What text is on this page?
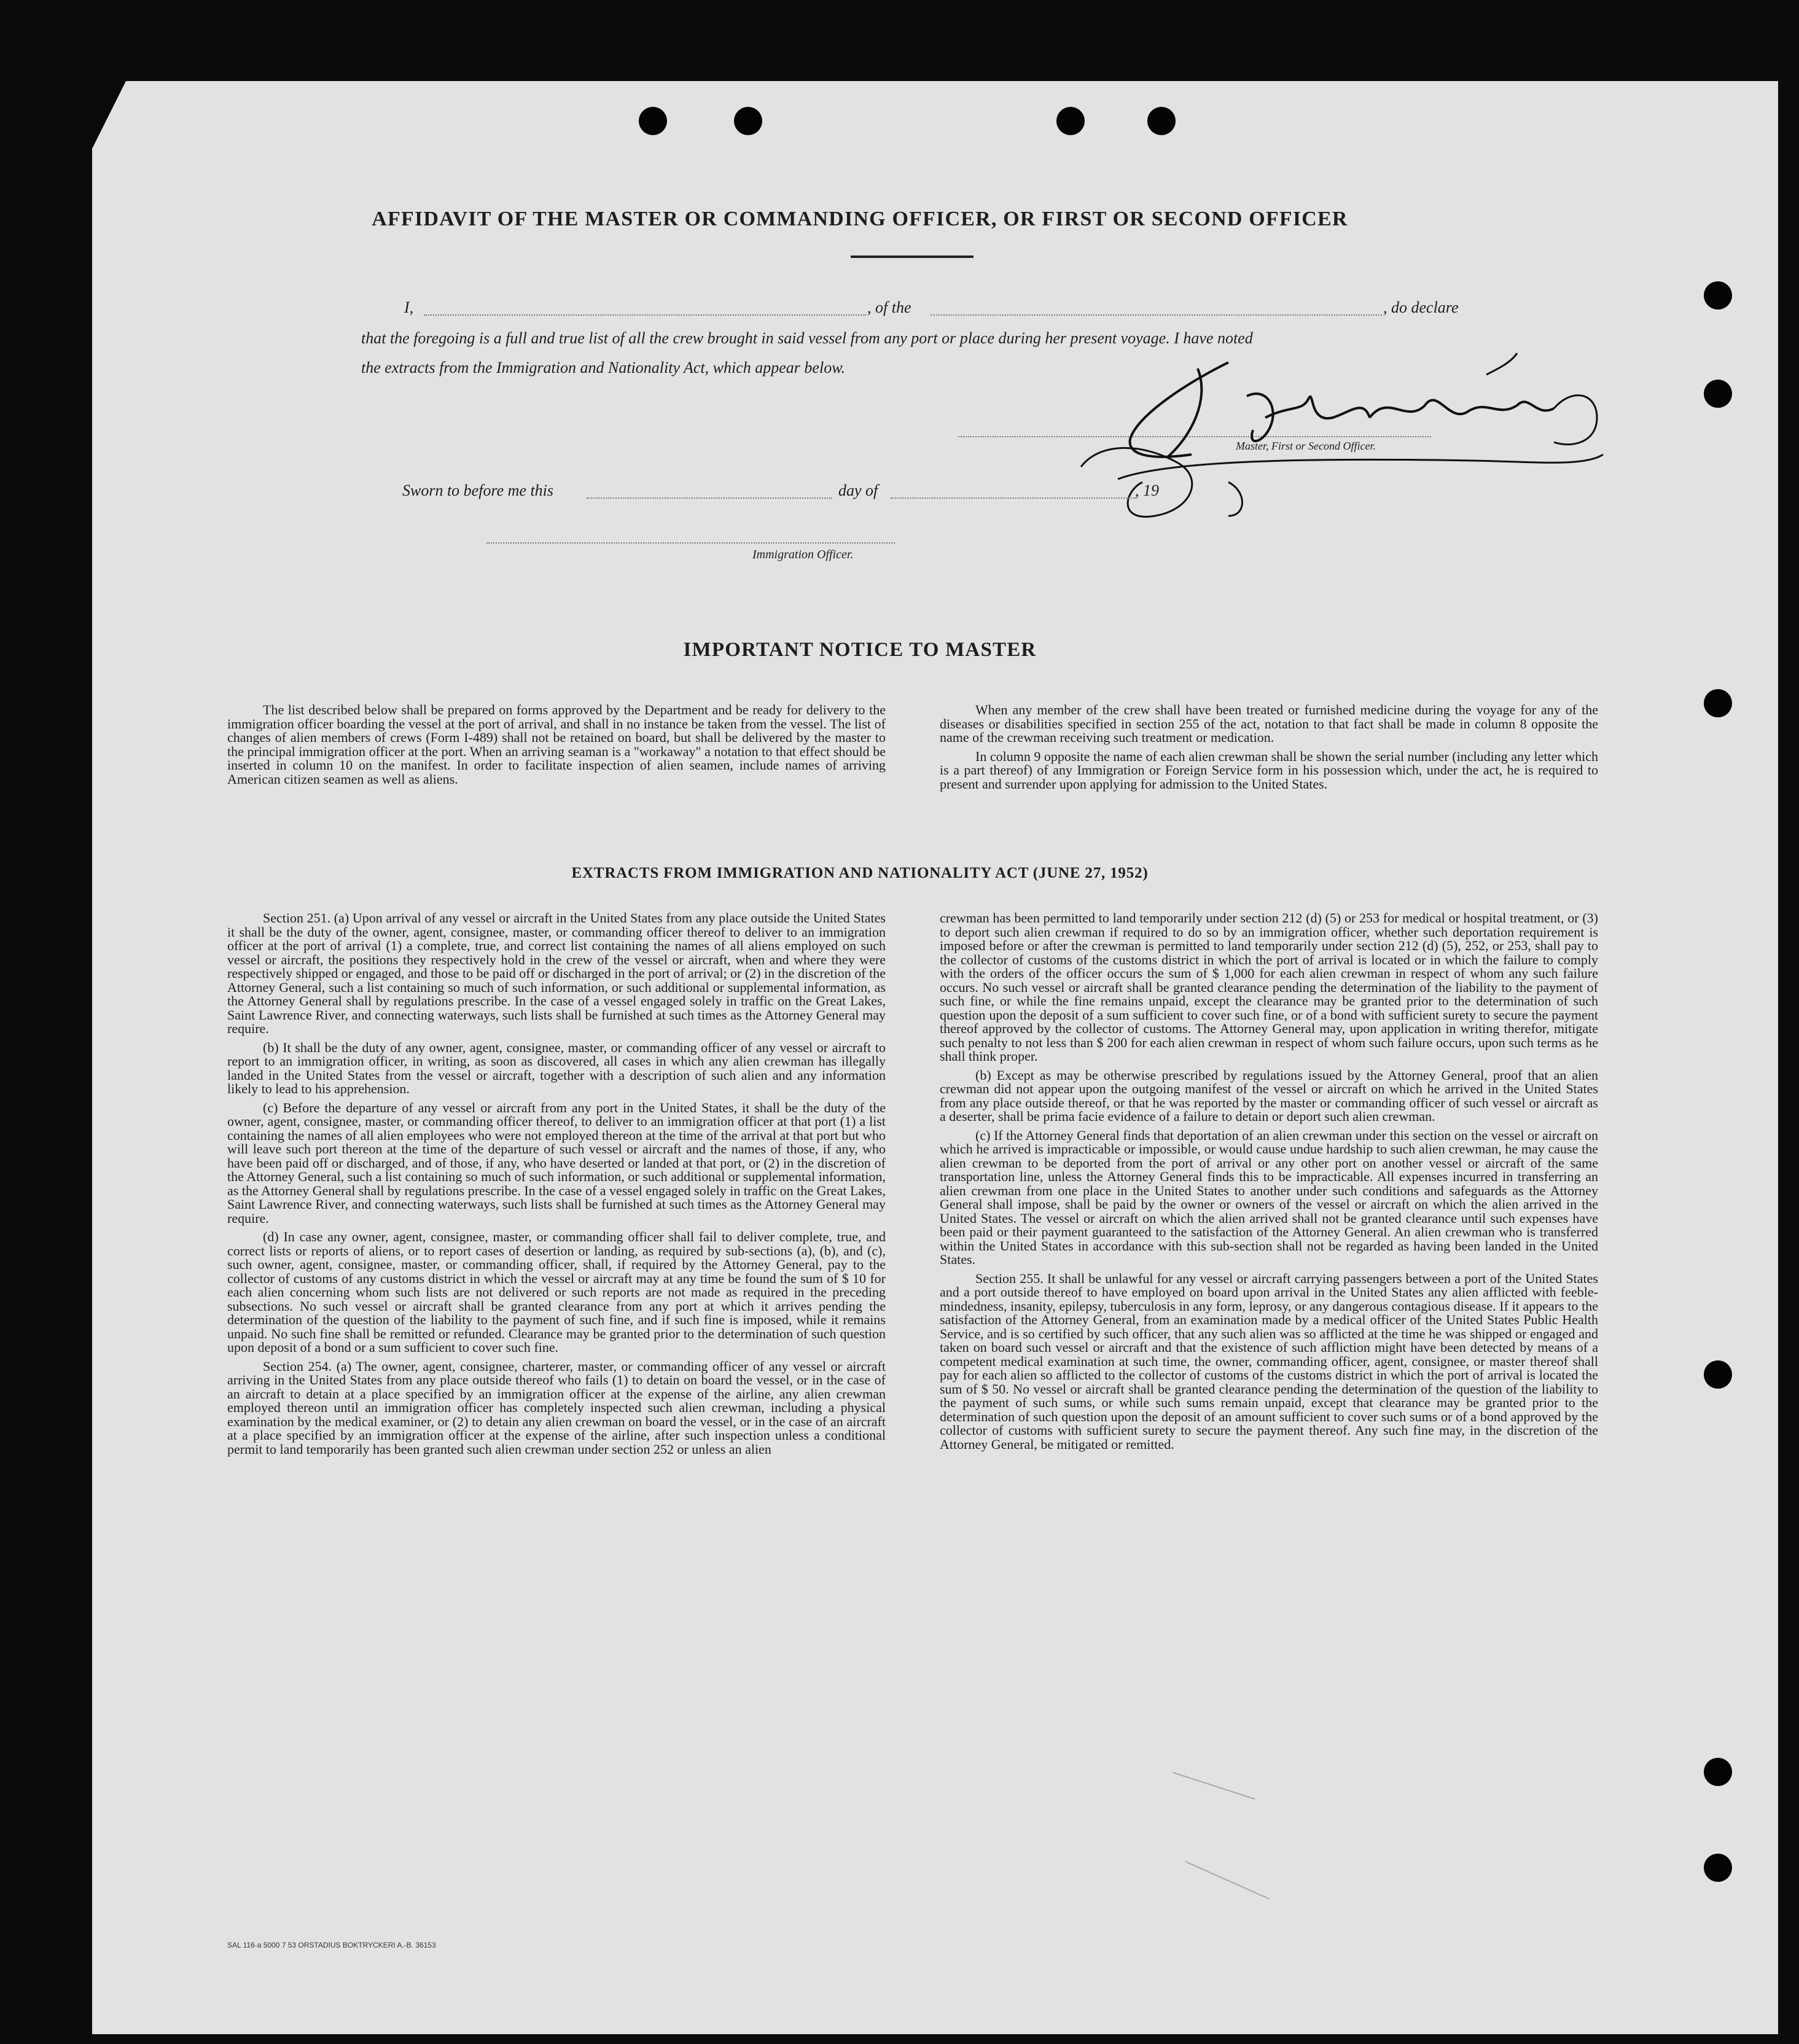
AFFIDAVIT OF THE MASTER OR COMMANDING OFFICER, OR FIRST OR SECOND OFFICER
I,	, of the	, do declare
that the foregoing is a full and true list of all the crew brought in said vessel from any port or place during her present voyage. I have noted
the extracts from the Immigration and Nationality Act, which appear below.
Master, First or Second Officer.
Sworn to before me this	day of	, 19
Immigration Officer.
IMPORTANT NOTICE TO MASTER

The list described below shall be prepared on forms approved by the Department and be ready for delivery to the immigration officer boarding the vessel at the port of arrival, and shall in no instance be taken from the vessel. The list of changes of alien members of crews (Form I-489) shall not be retained on board, but shall be delivered by the master to the principal immigration officer at the port. When an arriving seaman is a "workaway" a notation to that effect should be inserted in column 10 on the manifest. In order to facilitate inspection of alien seamen, include names of arriving American citizen seamen as well as aliens.

When any member of the crew shall have been treated or furnished medicine during the voyage for any of the diseases or disabilities specified in section 255 of the act, notation to that fact shall be made in column 8 opposite the name of the crewman receiving such treatment or medication.

In column 9 opposite the name of each alien crewman shall be shown the serial number (including any letter which is a part thereof) of any Immigration or Foreign Service form in his possession which, under the act, he is required to present and surrender upon applying for admission to the United States.

EXTRACTS FROM IMMIGRATION AND NATIONALITY ACT (JUNE 27, 1952)

Section 251. (a) Upon arrival of any vessel or aircraft in the United States from any place outside the United States it shall be the duty of the owner, agent, consignee, master, or commanding officer thereof to deliver to an immigration officer at the port of arrival (1) a complete, true, and correct list containing the names of all aliens employed on such vessel or aircraft, the positions they respectively hold in the crew of the vessel or aircraft, when and where they were respectively shipped or engaged, and those to be paid off or discharged in the port of arrival; or (2) in the discretion of the Attorney General, such a list containing so much of such information, or such additional or supplemental information, as the Attorney General shall by regulations prescribe. In the case of a vessel engaged solely in traffic on the Great Lakes, Saint Lawrence River, and connecting waterways, such lists shall be furnished at such times as the Attorney General may require.

(b) It shall be the duty of any owner, agent, consignee, master, or commanding officer of any vessel or aircraft to report to an immigration officer, in writing, as soon as discovered, all cases in which any alien crewman has illegally landed in the United States from the vessel or aircraft, together with a description of such alien and any information likely to lead to his apprehension.

(c) Before the departure of any vessel or aircraft from any port in the United States, it shall be the duty of the owner, agent, consignee, master, or commanding officer thereof, to deliver to an immigration officer at that port (1) a list containing the names of all alien employees who were not employed thereon at the time of the arrival at that port but who will leave such port thereon at the time of the departure of such vessel or aircraft and the names of those, if any, who have been paid off or discharged, and of those, if any, who have deserted or landed at that port, or (2) in the discretion of the Attorney General, such a list containing so much of such information, or such additional or supplemental information, as the Attorney General shall by regulations prescribe. In the case of a vessel engaged solely in traffic on the Great Lakes, Saint Lawrence River, and connecting waterways, such lists shall be furnished at such times as the Attorney General may require.

(d) In case any owner, agent, consignee, master, or commanding officer shall fail to deliver complete, true, and correct lists or reports of aliens, or to report cases of desertion or landing, as required by sub-sections (a), (b), and (c), such owner, agent, consignee, master, or commanding officer, shall, if required by the Attorney General, pay to the collector of customs of any customs district in which the vessel or aircraft may at any time be found the sum of $ 10 for each alien concerning whom such lists are not delivered or such reports are not made as required in the preceding subsections. No such vessel or aircraft shall be granted clearance from any port at which it arrives pending the determination of the question of the liability to the payment of such fine, and if such fine is imposed, while it remains unpaid. No such fine shall be remitted or refunded. Clearance may be granted prior to the determination of such question upon deposit of a bond or a sum sufficient to cover such fine.

Section 254. (a) The owner, agent, consignee, charterer, master, or commanding officer of any vessel or aircraft arriving in the United States from any place outside thereof who fails (1) to detain on board the vessel, or in the case of an aircraft to detain at a place specified by an immigration officer at the expense of the airline, any alien crewman employed thereon until an immigration officer has completely inspected such alien crewman, including a physical examination by the medical examiner, or (2) to detain any alien crewman on board the vessel, or in the case of an aircraft at a place specified by an immigration officer at the expense of the airline, after such inspection unless a conditional permit to land temporarily has been granted such alien crewman under section 252 or unless an alien

crewman has been permitted to land temporarily under section 212 (d) (5) or 253 for medical or hospital treatment, or (3) to deport such alien crewman if required to do so by an immigration officer, whether such deportation requirement is imposed before or after the crewman is permitted to land temporarily under section 212 (d) (5), 252, or 253, shall pay to the collector of customs of the customs district in which the port of arrival is located or in which the failure to comply with the orders of the officer occurs the sum of $ 1,000 for each alien crewman in respect of whom any such failure occurs. No such vessel or aircraft shall be granted clearance pending the determination of the liability to the payment of such fine, or while the fine remains unpaid, except the clearance may be granted prior to the determination of such question upon the deposit of a sum sufficient to cover such fine, or of a bond with sufficient surety to secure the payment thereof approved by the collector of customs. The Attorney General may, upon application in writing therefor, mitigate such penalty to not less than $ 200 for each alien crewman in respect of whom such failure occurs, upon such terms as he shall think proper.

(b) Except as may be otherwise prescribed by regulations issued by the Attorney General, proof that an alien crewman did not appear upon the outgoing manifest of the vessel or aircraft on which he arrived in the United States from any place outside thereof, or that he was reported by the master or commanding officer of such vessel or aircraft as a deserter, shall be prima facie evidence of a failure to detain or deport such alien crewman.

(c) If the Attorney General finds that deportation of an alien crewman under this section on the vessel or aircraft on which he arrived is impracticable or impossible, or would cause undue hardship to such alien crewman, he may cause the alien crewman to be deported from the port of arrival or any other port on another vessel or aircraft of the same transportation line, unless the Attorney General finds this to be impracticable. All expenses incurred in transferring an alien crewman from one place in the United States to another under such conditions and safeguards as the Attorney General shall impose, shall be paid by the owner or owners of the vessel or aircraft on which the alien arrived in the United States. The vessel or aircraft on which the alien arrived shall not be granted clearance until such expenses have been paid or their payment guaranteed to the satisfaction of the Attorney General. An alien crewman who is transferred within the United States in accordance with this sub-section shall not be regarded as having been landed in the United States.

Section 255. It shall be unlawful for any vessel or aircraft carrying passengers between a port of the United States and a port outside thereof to have employed on board upon arrival in the United States any alien afflicted with feeble-mindedness, insanity, epilepsy, tuberculosis in any form, leprosy, or any dangerous contagious disease. If it appears to the satisfaction of the Attorney General, from an examination made by a medical officer of the United States Public Health Service, and is so certified by such officer, that any such alien was so afflicted at the time he was shipped or engaged and taken on board such vessel or aircraft and that the existence of such affliction might have been detected by means of a competent medical examination at such time, the owner, commanding officer, agent, consignee, or master thereof shall pay for each alien so afflicted to the collector of customs of the customs district in which the port of arrival is located the sum of $ 50. No vessel or aircraft shall be granted clearance pending the determination of the question of the liability to the payment of such sums, or while such sums remain unpaid, except that clearance may be granted prior to the determination of such question upon the deposit of an amount sufficient to cover such sums or of a bond approved by the collector of customs with sufficient surety to secure the payment thereof. Any such fine may, in the discretion of the Attorney General, be mitigated or remitted.

SAL 116-a 5000 7 53 ORSTADIUS BOKTRYCKERI A.-B. 36153
